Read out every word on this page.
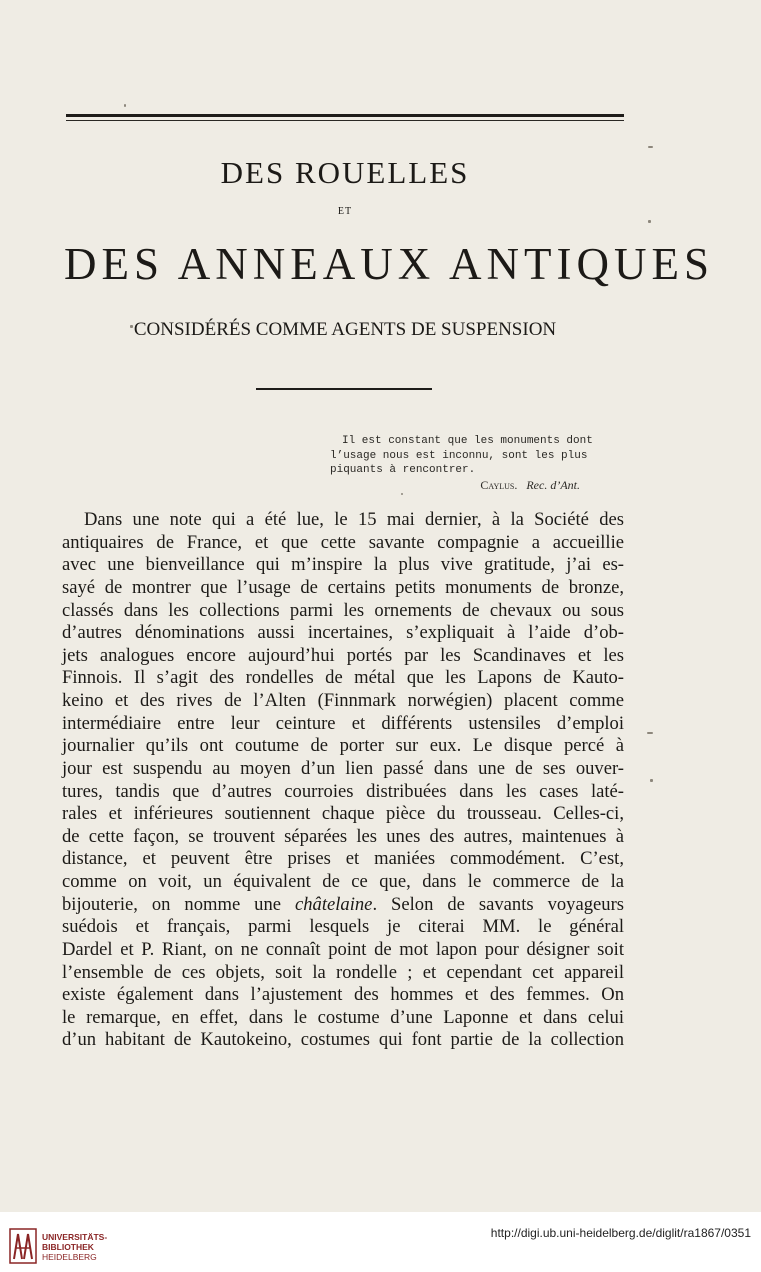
DES ROUELLES
ET
DES ANNEAUX ANTIQUES
CONSIDÉRÉS COMME AGENTS DE SUSPENSION
Il est constant que les monuments dont
l’usage nous est inconnu, sont les plus
piquants à rencontrer.
Caylus. Rec. d’Ant.
Dans une note qui a été lue, le 15 mai dernier, à la Société des
antiquaires de France, et que cette savante compagnie a accueillie
avec une bienveillance qui m’inspire la plus vive gratitude, j’ai es-
sayé de montrer que l’usage de certains petits monuments de bronze,
classés dans les collections parmi les ornements de chevaux ou sous
d’autres dénominations aussi incertaines, s’expliquait à l’aide d’ob-
jets analogues encore aujourd’hui portés par les Scandinaves et les
Finnois. Il s’agit des rondelles de métal que les Lapons de Kauto-
keino et des rives de l’Alten (Finnmark norwégien) placent comme
intermédiaire entre leur ceinture et différents ustensiles d’emploi
journalier qu’ils ont coutume de porter sur eux. Le disque percé à
jour est suspendu au moyen d’un lien passé dans une de ses ouver-
tures, tandis que d’autres courroies distribuées dans les cases laté-
rales et inférieures soutiennent chaque pièce du trousseau. Celles-ci,
de cette façon, se trouvent séparées les unes des autres, maintenues à
distance, et peuvent être prises et maniées commodément. C’est,
comme on voit, un équivalent de ce que, dans le commerce de la
bijouterie, on nomme une châtelaine. Selon de savants voyageurs
suédois et français, parmi lesquels je citerai MM. le général
Dardel et P. Riant, on ne connaît point de mot lapon pour désigner soit
l’ensemble de ces objets, soit la rondelle ; et cependant cet appareil
existe également dans l’ajustement des hommes et des femmes. On
le remarque, en effet, dans le costume d’une Laponne et dans celui
d’un habitant de Kautokeino, costumes qui font partie de la collection
UNIVERSITÄTS-
BIBLIOTHEK
HEIDELBERG
http://digi.ub.uni-heidelberg.de/diglit/ra1867/0351
